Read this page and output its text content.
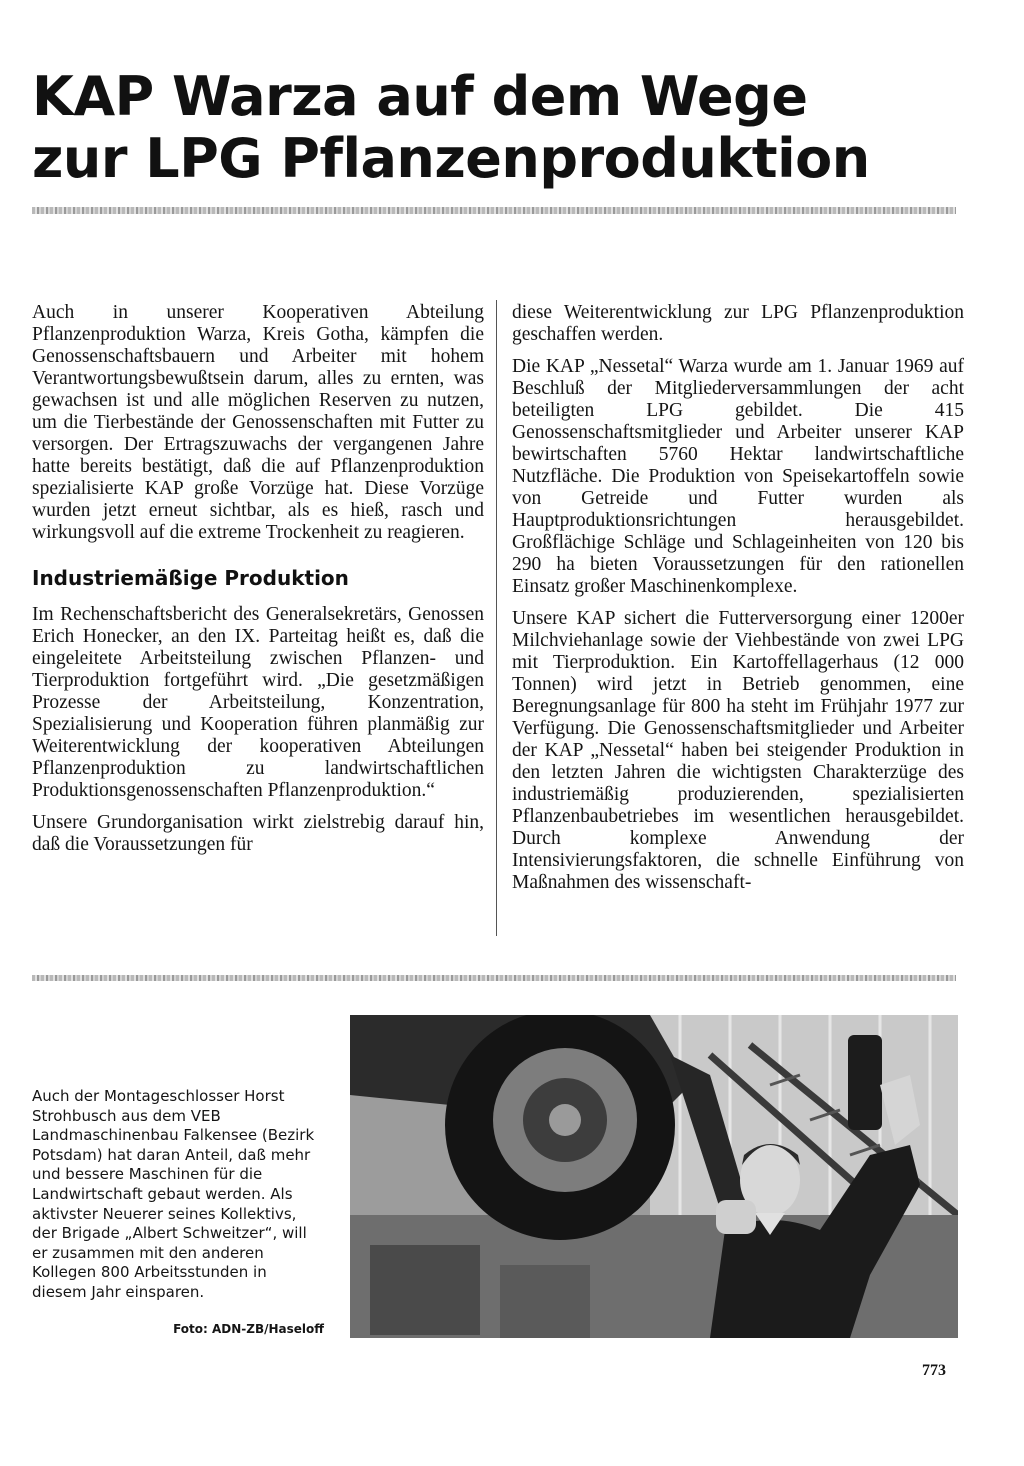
KAP Warza auf dem Wege
zur LPG Pflanzenproduktion

Auch in unserer Kooperativen Abteilung Pflanzenproduktion Warza, Kreis Gotha, kämpfen die Genossenschaftsbauern und Arbeiter mit hohem Verantwortungsbewußtsein darum, alles zu ernten, was gewachsen ist und alle möglichen Reserven zu nutzen, um die Tierbestände der Genossenschaften mit Futter zu versorgen. Der Ertragszuwachs der vergangenen Jahre hatte bereits bestätigt, daß die auf Pflanzenproduktion spezialisierte KAP große Vorzüge hat. Diese Vorzüge wurden jetzt erneut sichtbar, als es hieß, rasch und wirkungsvoll auf die extreme Trockenheit zu reagieren.

Industriemäßige Produktion

Im Rechenschaftsbericht des Generalsekretärs, Genossen Erich Honecker, an den IX. Parteitag heißt es, daß die eingeleitete Arbeitsteilung zwischen Pflanzen- und Tierproduktion fortgeführt wird. „Die gesetzmäßigen Prozesse der Arbeitsteilung, Konzentration, Spezialisierung und Kooperation führen planmäßig zur Weiterentwicklung der kooperativen Abteilungen Pflanzenproduktion zu landwirtschaftlichen Produktionsgenossenschaften Pflanzenproduktion.“

Unsere Grundorganisation wirkt zielstrebig darauf hin, daß die Voraussetzungen für

diese Weiterentwicklung zur LPG Pflanzenproduktion geschaffen werden.

Die KAP „Nessetal“ Warza wurde am 1. Januar 1969 auf Beschluß der Mitgliederversammlungen der acht beteiligten LPG gebildet. Die 415 Genossenschaftsmitglieder und Arbeiter unserer KAP bewirtschaften 5760 Hektar landwirtschaftliche Nutzfläche. Die Produktion von Speisekartoffeln sowie von Getreide und Futter wurden als Hauptproduktionsrichtungen herausgebildet. Großflächige Schläge und Schlageinheiten von 120 bis 290 ha bieten Voraussetzungen für den rationellen Einsatz großer Maschinenkomplexe.

Unsere KAP sichert die Futterversorgung einer 1200er Milchviehanlage sowie der Viehbestände von zwei LPG mit Tierproduktion. Ein Kartoffellagerhaus (12 000 Tonnen) wird jetzt in Betrieb genommen, eine Beregnungsanlage für 800 ha steht im Frühjahr 1977 zur Verfügung. Die Genossenschaftsmitglieder und Arbeiter der KAP „Nessetal“ haben bei steigender Produktion in den letzten Jahren die wichtigsten Charakterzüge des industriemäßig produzierenden, spezialisierten Pflanzenbaubetriebes im wesentlichen herausgebildet. Durch komplexe Anwendung der Intensivierungsfaktoren, die schnelle Einführung von Maßnahmen des wissenschaft-

Auch der Montageschlosser Horst Strohbusch aus dem VEB Landmaschinenbau Falkensee (Bezirk Potsdam) hat daran Anteil, daß mehr und bessere Maschinen für die Landwirtschaft gebaut werden. Als aktivster Neuerer seines Kollektivs, der Brigade „Albert Schweitzer“, will er zusammen mit den anderen Kollegen 800 Arbeitsstunden in diesem Jahr einsparen.

Foto: ADN-ZB/Haseloff
773
